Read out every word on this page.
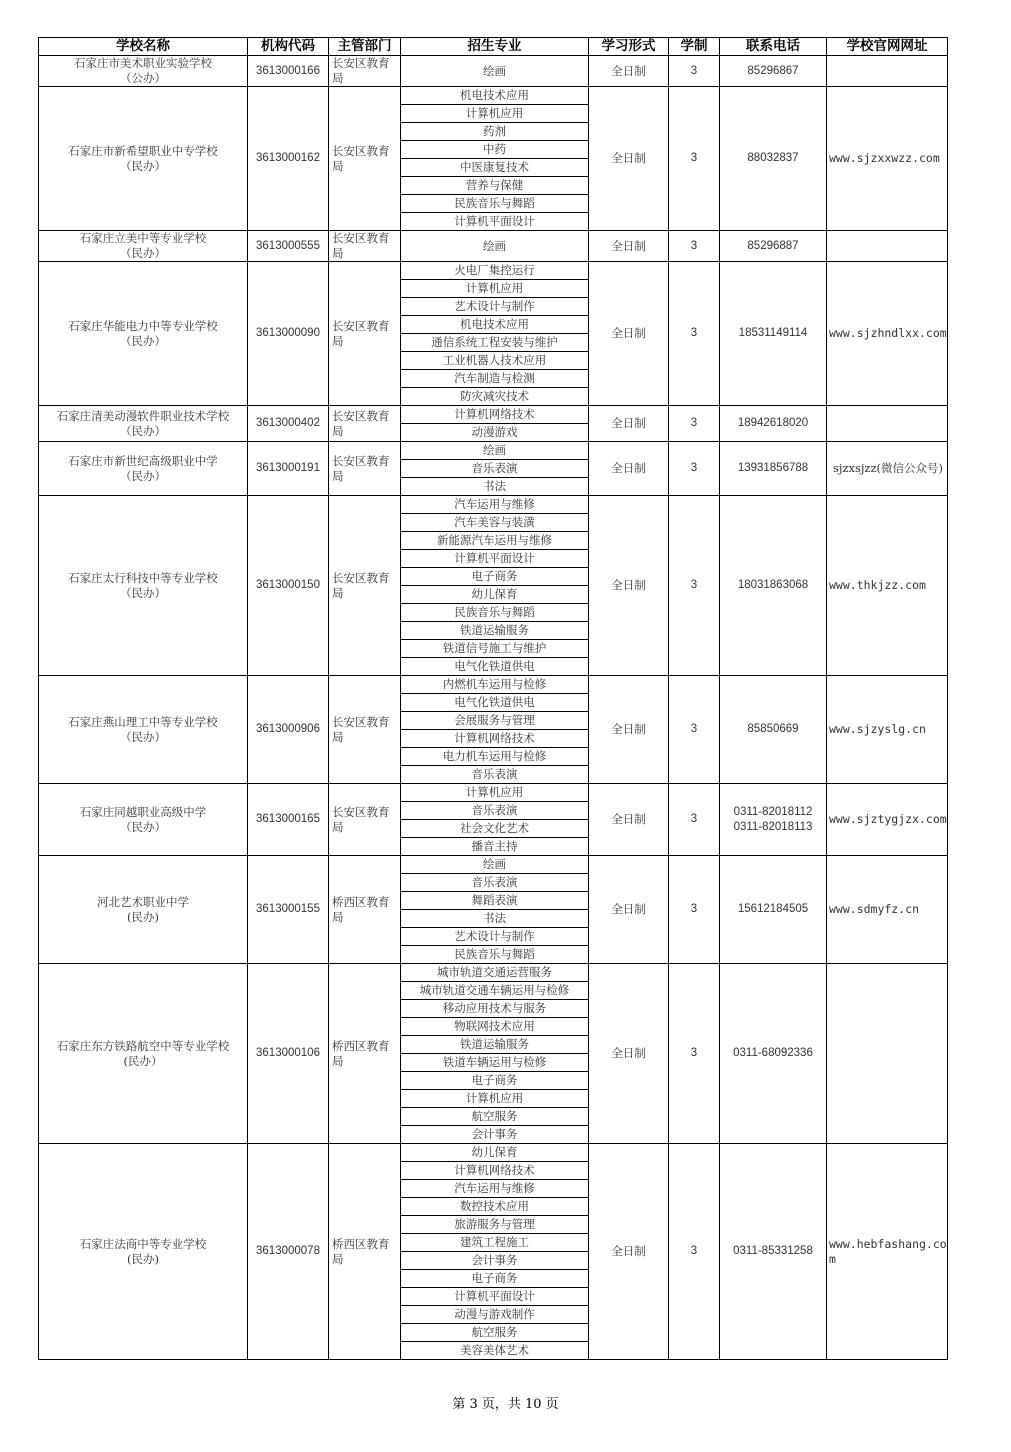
学校名称	机构代码	主管部门	招生专业	学习形式	学制	联系电话	学校官网网址

石家庄市美术职业实验学校
（公办）	3613000166	长安区教育局	绘画	全日制	3	85296867	

石家庄市新希望职业中专学校
（民办）	3613000162	长安区教育局	机电技术应用	全日制	3	88032837	www.sjzxxwzz.com
			计算机应用				
			药剂				
			中药				
			中医康复技术				
			营养与保健				
			民族音乐与舞蹈				
			计算机平面设计				

石家庄立美中等专业学校
（民办）	3613000555	长安区教育局	绘画	全日制	3	85296887	

石家庄华能电力中等专业学校
（民办）	3613000090	长安区教育局	火电厂集控运行	全日制	3	18531149114	www.sjzhndlxx.com
			计算机应用				
			艺术设计与制作				
			机电技术应用				
			通信系统工程安装与维护				
			工业机器人技术应用				
			汽车制造与检测				
			防灾减灾技术				

石家庄清美动漫软件职业技术学校
（民办）	3613000402	长安区教育局	计算机网络技术	全日制	3	18942618020	

			动漫游戏				

石家庄市新世纪高级职业中学
（民办）	3613000191	长安区教育局	绘画	全日制	3	13931856788	sjzxsjzz(微信公众号)
			音乐表演				
			书法				

石家庄太行科技中等专业学校
（民办）	3613000150	长安区教育局	汽车运用与维修	全日制	3	18031863068	www.thkjzz.com
			汽车美容与装潢				
			新能源汽车运用与维修				
			计算机平面设计				
			电子商务				
			幼儿保育				
			民族音乐与舞蹈				
			铁道运输服务				
			铁道信号施工与维护				
			电气化铁道供电				

石家庄燕山理工中等专业学校
（民办）	3613000906	长安区教育局	内燃机车运用与检修	全日制	3	85850669	www.sjzyslg.cn
			电气化铁道供电				
			会展服务与管理				
			计算机网络技术				
			电力机车运用与检修				
			音乐表演				

石家庄同越职业高级中学
（民办）	3613000165	长安区教育局	计算机应用	全日制	3	0311-82018112
0311-82018113	www.sjztygjzx.com
			音乐表演				
			社会文化艺术				
			播音主持				

河北艺术职业中学
(民办)	3613000155	桥西区教育局	绘画	全日制	3	15612184505	www.sdmyfz.cn
			音乐表演				
			舞蹈表演				
			书法				
			艺术设计与制作				
			民族音乐与舞蹈				

石家庄东方铁路航空中等专业学校
(民办）	3613000106	桥西区教育局	城市轨道交通运营服务	全日制	3	0311-68092336	

			城市轨道交通车辆运用与检修				
			移动应用技术与服务				
			物联网技术应用				
			铁道运输服务				
			铁道车辆运用与检修				
			电子商务				
			计算机应用				
			航空服务				
			会计事务				

石家庄法商中等专业学校
(民办)	3613000078	桥西区教育局	幼儿保育	全日制	3	0311-85331258	www.hebfashang.com
			计算机网络技术				
			汽车运用与维修				
			数控技术应用				
			旅游服务与管理				
			建筑工程施工				
			会计事务				
			电子商务				
			计算机平面设计				
			动漫与游戏制作				
			航空服务				
			美容美体艺术				
第 3 页，共 10 页
